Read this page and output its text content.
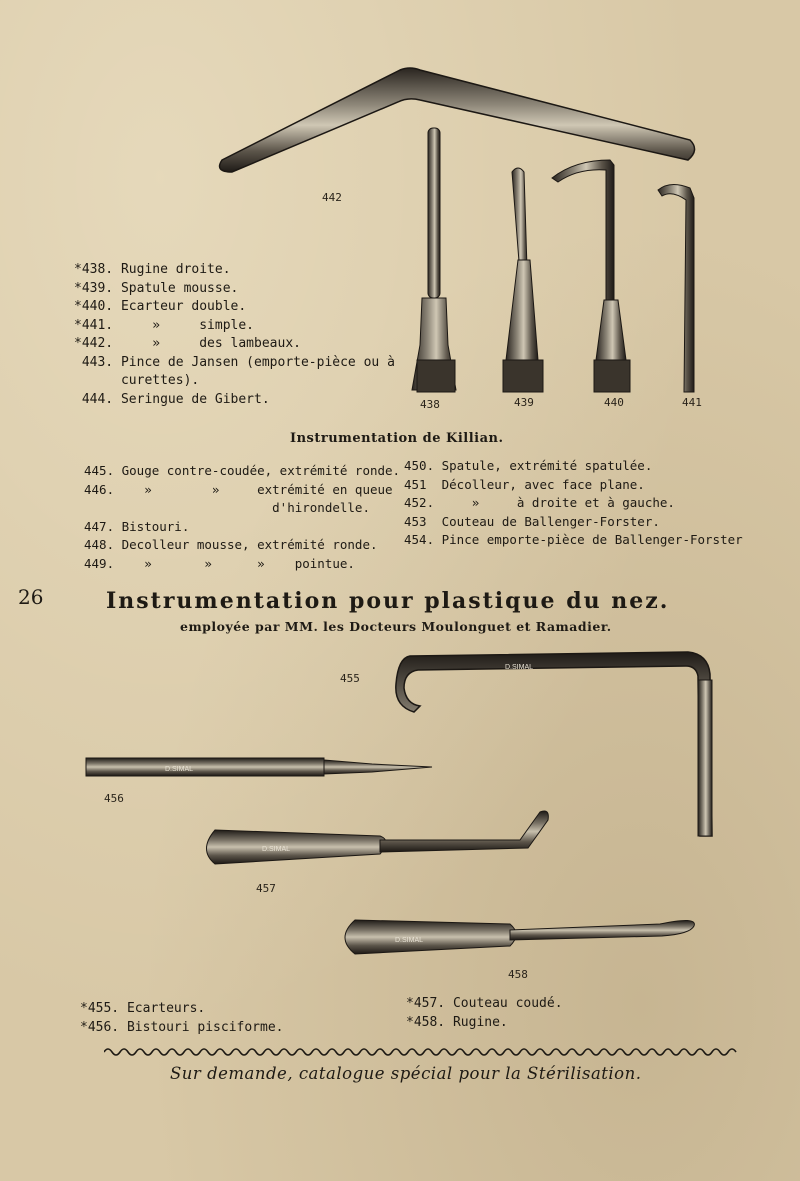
26
442
438	439	440	441
*438. Rugine droite.
*439. Spatule mousse.
*440. Ecarteur double.
*441.     »     simple.
*442.     »     des lambeaux.
443. Pince de Jansen (emporte-pièce ou à
curettes).
444. Seringue de Gibert.
Instrumentation de Killian.
445. Gouge contre-coudée, extrémité ronde.
446.    »        »     extrémité en queue
d'hirondelle.
447. Bistouri.
448. Decolleur mousse, extrémité ronde.
449.    »       »      »    pointue.
450. Spatule, extrémité spatulée.
451  Décolleur, avec face plane.
452.     »     à droite et à gauche.
453  Couteau de Ballenger-Forster.
454. Pince emporte-pièce de Ballenger-Forster
Instrumentation pour plastique du nez.
employée par MM. les Docteurs Moulonguet et Ramadier.
D.SIMAL
D.SIMAL
D.SIMAL
D.SIMAL
455
456
457
458
*455. Ecarteurs.
*456. Bistouri pisciforme.
*457. Couteau coudé.
*458. Rugine.
Sur demande, catalogue spécial pour la Stérilisation.
